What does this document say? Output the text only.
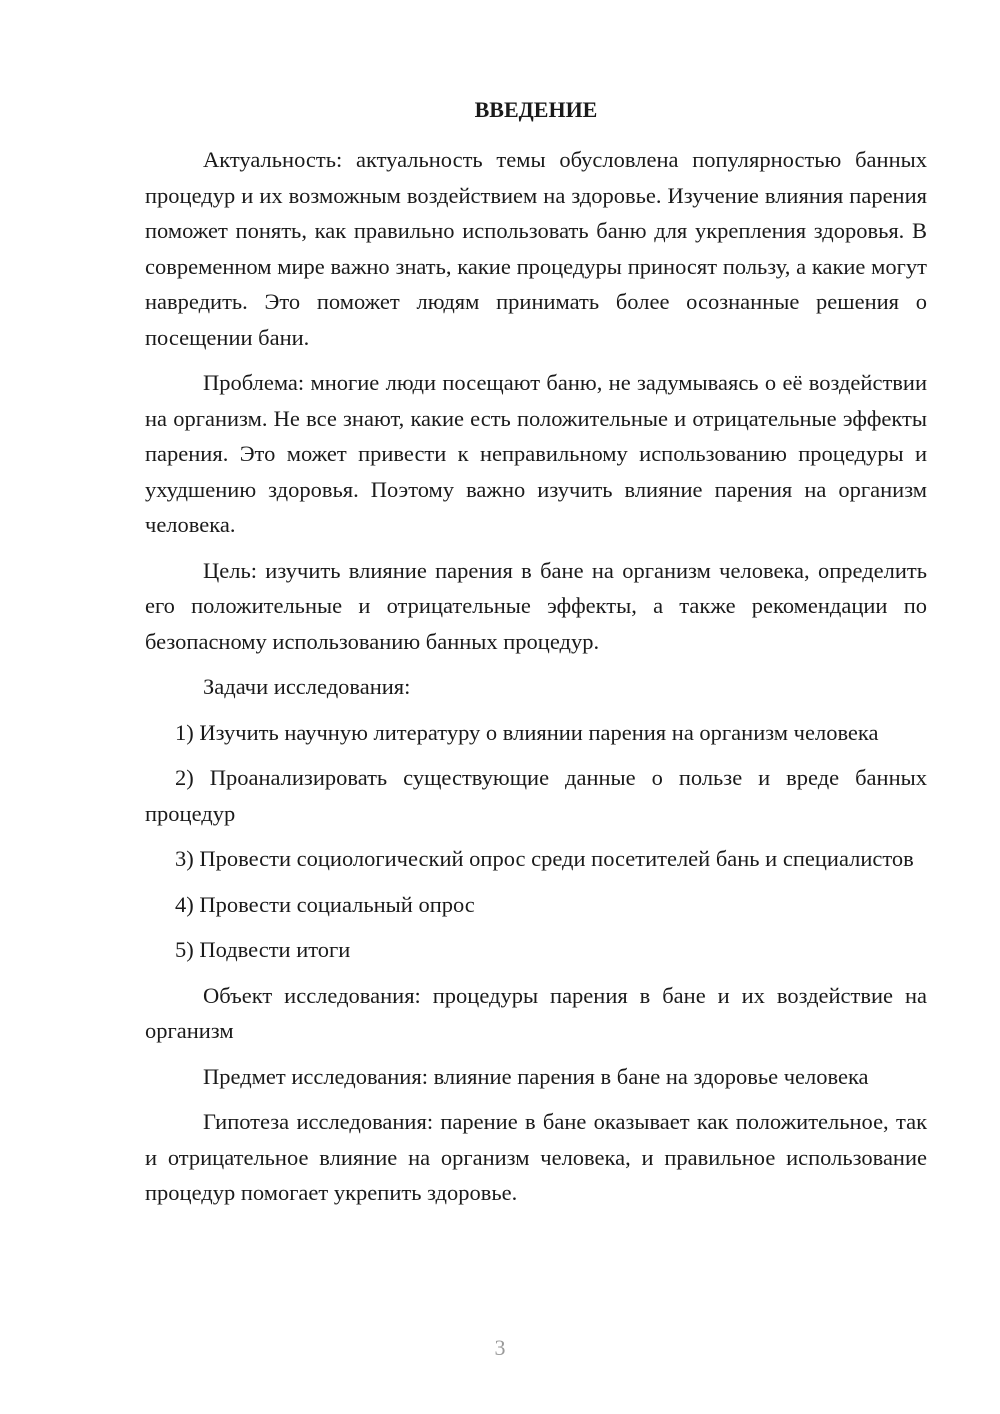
ВВЕДЕНИЕ

Актуальность: актуальность темы обусловлена популярностью банных процедур и их возможным воздействием на здоровье. Изучение влияния парения поможет понять, как правильно использовать баню для укрепления здоровья. В современном мире важно знать, какие процедуры приносят пользу, а какие могут навредить. Это поможет людям принимать более осознанные решения о посещении бани.

Проблема: многие люди посещают баню, не задумываясь о её воздействии на организм. Не все знают, какие есть положительные и отрицательные эффекты парения. Это может привести к неправильному использованию процедуры и ухудшению здоровья. Поэтому важно изучить влияние парения на организм человека.

Цель: изучить влияние парения в бане на организм человека, определить его положительные и отрицательные эффекты, а также рекомендации по безопасному использованию банных процедур.

Задачи исследования:

1) Изучить научную литературу о влиянии парения на организм человека

2) Проанализировать существующие данные о пользе и вреде банных процедур

3) Провести социологический опрос среди посетителей бань и специалистов

4) Провести социальный опрос

5) Подвести итоги

Объект исследования: процедуры парения в бане и их воздействие на организм

Предмет исследования: влияние парения в бане на здоровье человека

Гипотеза исследования: парение в бане оказывает как положительное, так и отрицательное влияние на организм человека, и правильное использование процедур помогает укрепить здоровье.

3
